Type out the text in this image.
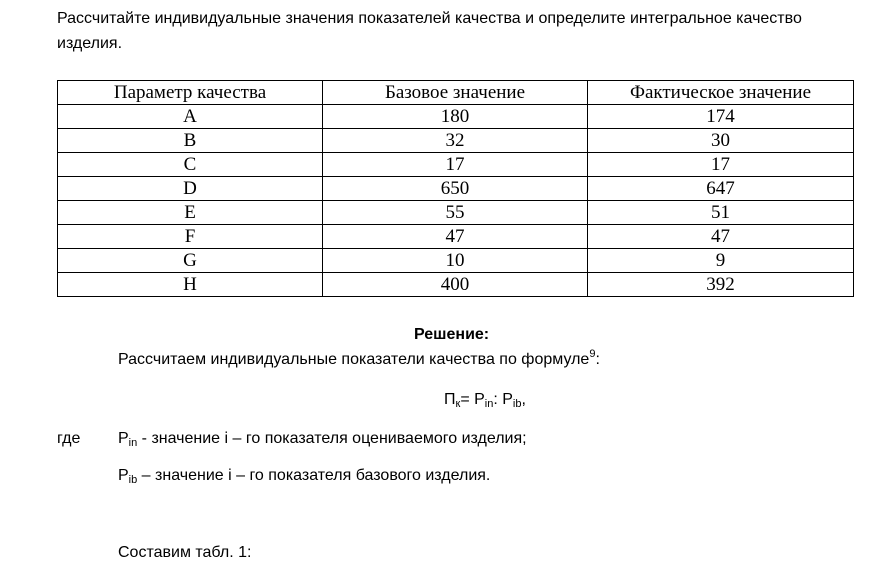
Рассчитайте индивидуальные значения показателей качества и определите интегральное качество изделия.

Параметр качества	Базовое значение	Фактическое значение
A	180	174
B	32	30
C	17	17
D	650	647
E	55	51
F	47	47
G	10	9
H	400	392
Решение:
Рассчитаем индивидуальные показатели качества по формуле$^9$:
$П_к= P_{in}$: $P_{ib}$,
где $P_{in}$ - значение i – го показателя оцениваемого изделия;
$P_{ib}$ – значение i – го показателя базового изделия.
Составим табл. 1:
